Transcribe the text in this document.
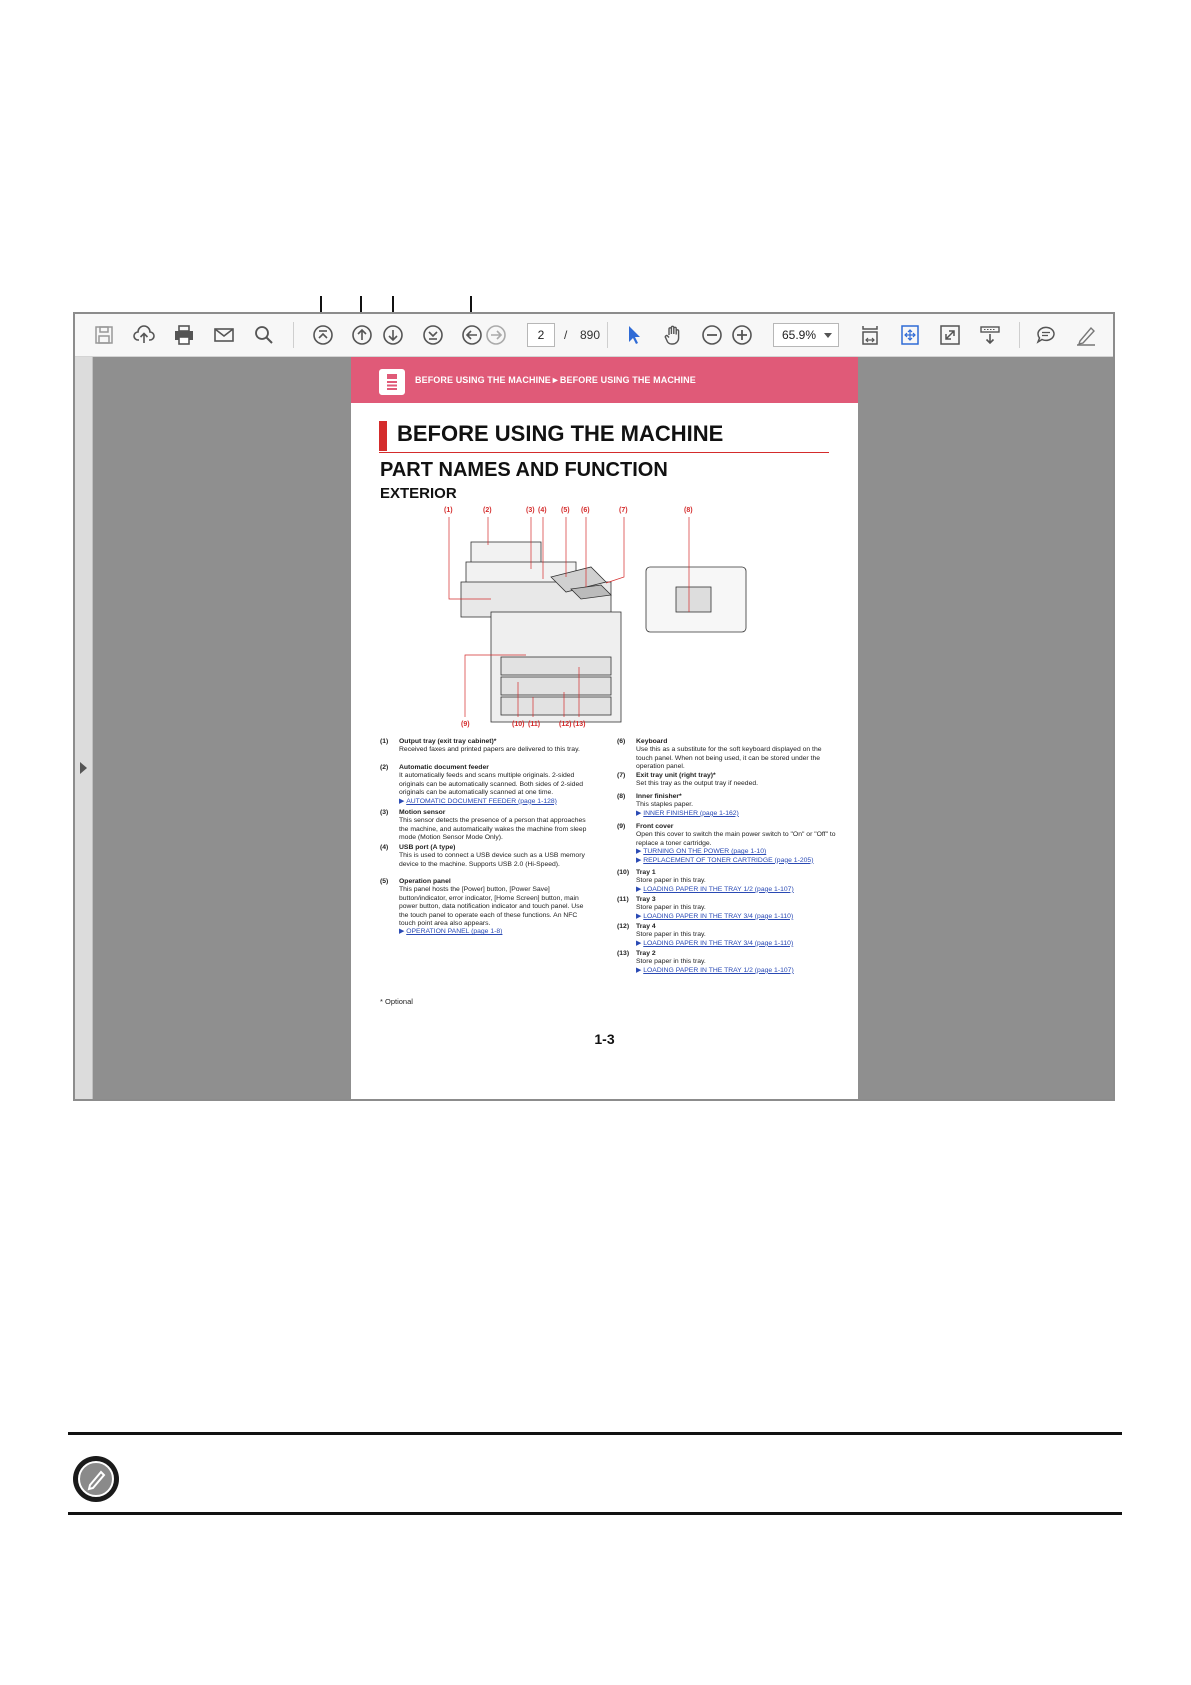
2	/ 890	65.9%
BEFORE USING THE MACHINE►BEFORE USING THE MACHINE
BEFORE USING THE MACHINE
PART NAMES AND FUNCTION
EXTERIOR
(1)	(2)	(3) (4) (5) (6)	(7)	(8)
(9)	(10) (11)	(12) (13)
(1) Output tray (exit tray cabinet)*
Received faxes and printed papers are delivered to this tray.
(2) Automatic document feeder
It automatically feeds and scans multiple originals. 2-sided originals can be automatically scanned. Both sides of 2-sided originals can be automatically scanned at one time.
▶ AUTOMATIC DOCUMENT FEEDER (page 1-128)
(3) Motion sensor
This sensor detects the presence of a person that approaches the machine, and automatically wakes the machine from sleep mode (Motion Sensor Mode Only).
(4) USB port (A type)
This is used to connect a USB device such as a USB memory device to the machine. Supports USB 2.0 (Hi-Speed).
(5) Operation panel
This panel hosts the [Power] button, [Power Save] button/indicator, error indicator, [Home Screen] button, main power button, data notification indicator and touch panel. Use the touch panel to operate each of these functions. An NFC touch point area also appears.
▶ OPERATION PANEL (page 1-8)
(6) Keyboard
Use this as a substitute for the soft keyboard displayed on the touch panel. When not being used, it can be stored under the operation panel.
(7) Exit tray unit (right tray)*
Set this tray as the output tray if needed.
(8) Inner finisher*
This staples paper.
▶ INNER FINISHER (page 1-162)
(9) Front cover
Open this cover to switch the main power switch to "On" or "Off" to replace a toner cartridge.
▶ TURNING ON THE POWER (page 1-10)
▶ REPLACEMENT OF TONER CARTRIDGE (page 1-205)
(10) Tray 1
Store paper in this tray.
▶ LOADING PAPER IN THE TRAY 1/2 (page 1-107)
(11) Tray 3
Store paper in this tray.
▶ LOADING PAPER IN THE TRAY 3/4 (page 1-110)
(12) Tray 4
Store paper in this tray.
▶ LOADING PAPER IN THE TRAY 3/4 (page 1-110)
(13) Tray 2
Store paper in this tray.
▶ LOADING PAPER IN THE TRAY 1/2 (page 1-107)
* Optional
1-3
